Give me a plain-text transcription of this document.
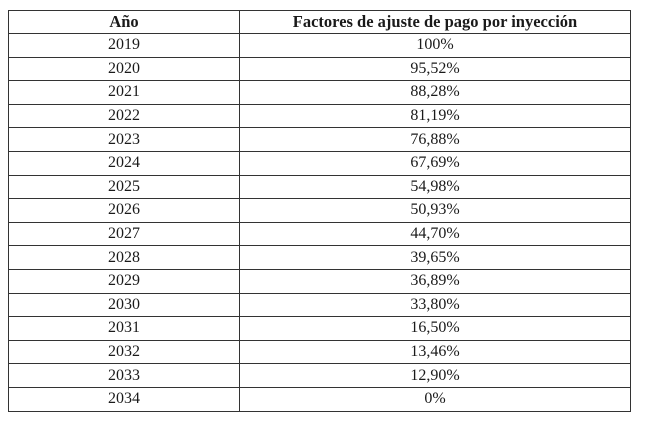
Año	Factores de ajuste de pago por inyección
2019	100%
2020	95,52%
2021	88,28%
2022	81,19%
2023	76,88%
2024	67,69%
2025	54,98%
2026	50,93%
2027	44,70%
2028	39,65%
2029	36,89%
2030	33,80%
2031	16,50%
2032	13,46%
2033	12,90%
2034	0%
